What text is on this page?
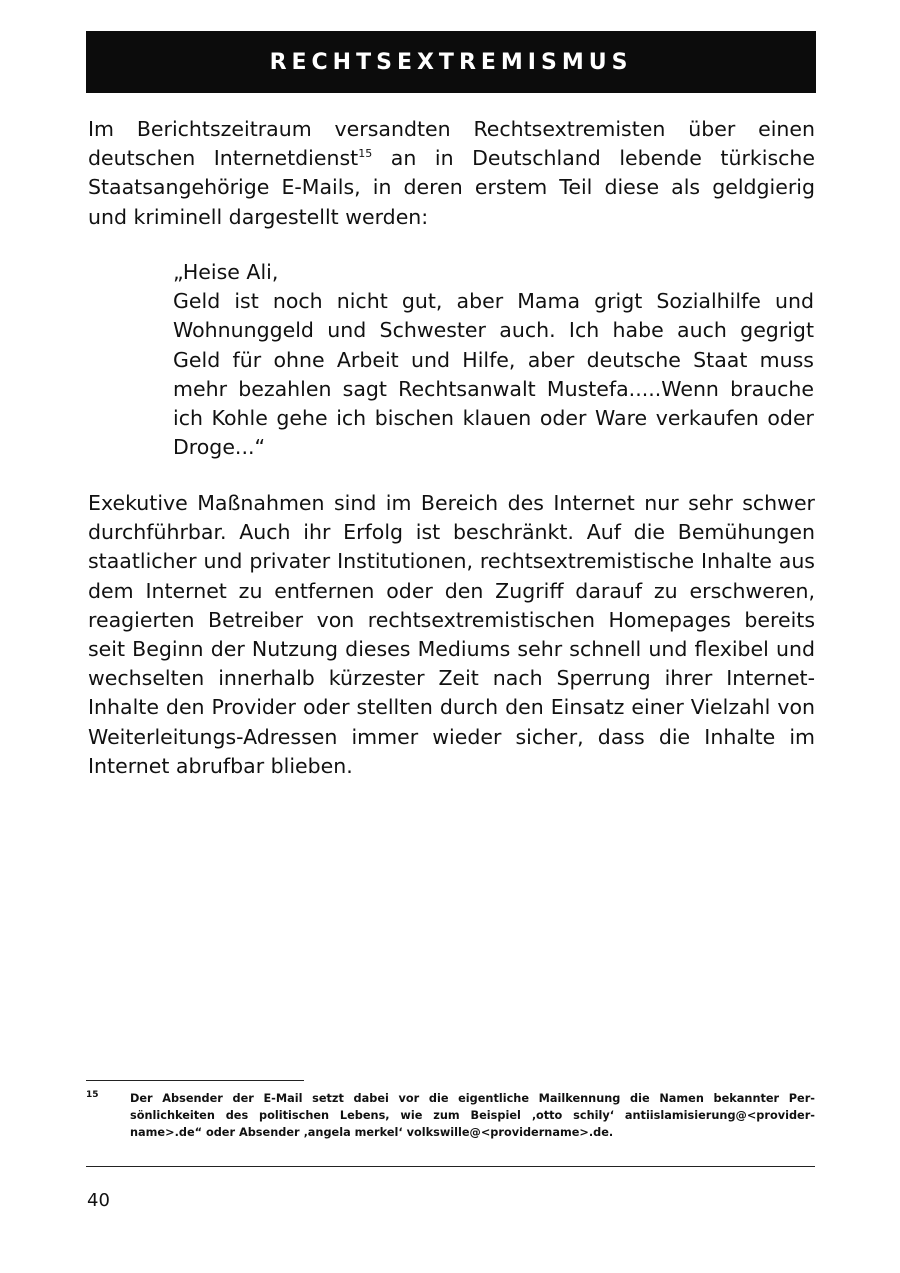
RECHTSEXTREMISMUS

Im Berichtszeitraum versandten Rechtsextremisten über einen deutschen Internetdienst$^{15}$ an in Deutschland lebende türkische Staatsangehörige E-Mails, in deren erstem Teil diese als geldgierig und kriminell dargestellt werden:

„Heise Ali,
Geld ist noch nicht gut, aber Mama grigt Sozialhilfe und Wohnunggeld und Schwester auch. Ich habe auch gegrigt Geld für ohne Arbeit und Hilfe, aber deutsche Staat muss mehr bezahlen sagt Rechtsanwalt Mustefa.....Wenn brauche ich Kohle gehe ich bischen klauen oder Ware verkaufen oder Droge...“

Exekutive Maßnahmen sind im Bereich des Internet nur sehr schwer durchführbar. Auch ihr Erfolg ist beschränkt. Auf die Bemühungen staatlicher und privater Institutionen, rechtsextremistische Inhalte aus dem Internet zu entfernen oder den Zugriff darauf zu erschweren, reagierten Betreiber von rechtsextremistischen Homepages bereits seit Beginn der Nutzung dieses Mediums sehr schnell und flexibel und wechselten innerhalb kürzester Zeit nach Sperrung ihrer Internet-Inhalte den Provider oder stellten durch den Einsatz einer Vielzahl von Weiterleitungs-Adressen immer wieder sicher, dass die Inhalte im Internet abrufbar blieben.

15	Der Absender der E-Mail setzt dabei vor die eigentliche Mailkennung die Namen bekannter Persönlichkeiten des politischen Lebens, wie zum Beispiel ‚otto schily‘ antiislamisierung@<providername>.de“ oder Absender ‚angela merkel‘ volkswille@<providername>.de.
40
